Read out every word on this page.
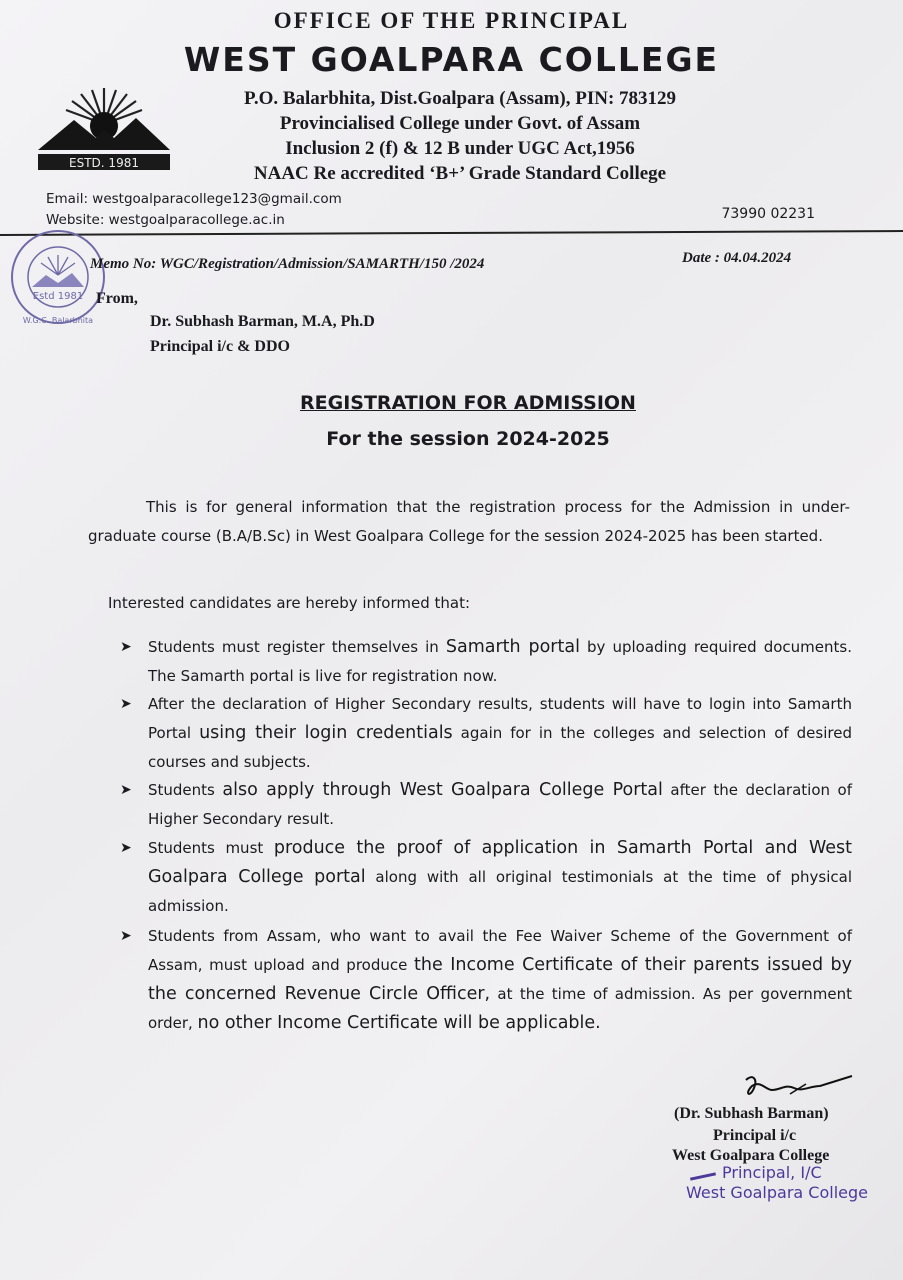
OFFICE OF THE PRINCIPAL
WEST GOALPARA COLLEGE
ESTD. 1981
P.O. Balarbhita, Dist.Goalpara (Assam), PIN: 783129
Provincialised College under Govt. of Assam
Inclusion 2 (f) & 12 B under UGC Act,1956
NAAC Re accredited ‘B+’ Grade Standard College
Email: westgoalparacollege123@gmail.com
Website: westgoalparacollege.ac.in	73990 02231
Estd 1981
W.G.C. Balarbhita
Memo No: WGC/Registration/Admission/SAMARTH/150 /2024	Date : 04.04.2024
From,
Dr. Subhash Barman, M.A, Ph.D
Principal i/c & DDO
REGISTRATION FOR ADMISSION
For the session 2024-2025
This is for general information that the registration process for the Admission in under-graduate course (B.A/B.Sc) in West Goalpara College for the session 2024-2025 has been started.
Interested candidates are hereby informed that:
➤	Students must register themselves in Samarth portal by uploading required documents. The Samarth portal is live for registration now.
➤	After the declaration of Higher Secondary results, students will have to login into Samarth Portal using their login credentials again for in the colleges and selection of desired courses and subjects.
➤	Students also apply through West Goalpara College Portal after the declaration of Higher Secondary result.
➤	Students must produce the proof of application in Samarth Portal and West Goalpara College portal along with all original testimonials at the time of physical admission.
➤	Students from Assam, who want to avail the Fee Waiver Scheme of the Government of Assam, must upload and produce the Income Certificate of their parents issued by the concerned Revenue Circle Officer, at the time of admission. As per government order, no other Income Certificate will be applicable.
(Dr. Subhash Barman)
Principal i/c
West Goalpara College
Principal, I/C
West Goalpara College
